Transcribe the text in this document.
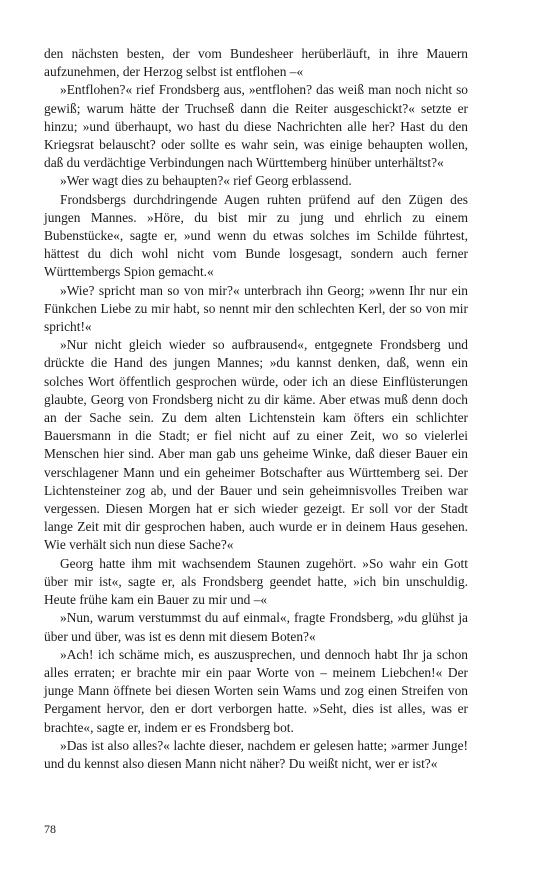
den nächsten besten, der vom Bundesheer herüberläuft, in ihre Mauern aufzunehmen, der Herzog selbst ist entflohen –«

»Entflohen?« rief Frondsberg aus, »entflohen? das weiß man noch nicht so gewiß; warum hätte der Truchseß dann die Reiter ausgeschickt?« setzte er hinzu; »und überhaupt, wo hast du diese Nachrichten alle her? Hast du den Kriegsrat belauscht? oder sollte es wahr sein, was einige behaupten wollen, daß du verdächtige Verbindungen nach Württemberg hinüber unterhältst?«

»Wer wagt dies zu behaupten?« rief Georg erblassend.

Frondsbergs durchdringende Augen ruhten prüfend auf den Zügen des jungen Mannes. »Höre, du bist mir zu jung und ehrlich zu einem Bubenstücke«, sagte er, »und wenn du etwas solches im Schilde führtest, hättest du dich wohl nicht vom Bunde losgesagt, sondern auch ferner Württembergs Spion gemacht.«

»Wie? spricht man so von mir?« unterbrach ihn Georg; »wenn Ihr nur ein Fünkchen Liebe zu mir habt, so nennt mir den schlechten Kerl, der so von mir spricht!«

»Nur nicht gleich wieder so aufbrausend«, entgegnete Frondsberg und drückte die Hand des jungen Mannes; »du kannst denken, daß, wenn ein solches Wort öffentlich gesprochen würde, oder ich an diese Einflüsterungen glaubte, Georg von Frondsberg nicht zu dir käme. Aber etwas muß denn doch an der Sache sein. Zu dem alten Lichtenstein kam öfters ein schlichter Bauersmann in die Stadt; er fiel nicht auf zu einer Zeit, wo so vielerlei Menschen hier sind. Aber man gab uns geheime Winke, daß dieser Bauer ein verschlagener Mann und ein geheimer Botschafter aus Württemberg sei. Der Lichtensteiner zog ab, und der Bauer und sein geheimnisvolles Treiben war vergessen. Diesen Morgen hat er sich wieder gezeigt. Er soll vor der Stadt lange Zeit mit dir gesprochen haben, auch wurde er in deinem Haus gesehen. Wie verhält sich nun diese Sache?«

Georg hatte ihm mit wachsendem Staunen zugehört. »So wahr ein Gott über mir ist«, sagte er, als Frondsberg geendet hatte, »ich bin unschuldig. Heute frühe kam ein Bauer zu mir und –«

»Nun, warum verstummst du auf einmal«, fragte Frondsberg, »du glühst ja über und über, was ist es denn mit diesem Boten?«

»Ach! ich schäme mich, es auszusprechen, und dennoch habt Ihr ja schon alles erraten; er brachte mir ein paar Worte von – meinem Liebchen!« Der junge Mann öffnete bei diesen Worten sein Wams und zog einen Streifen von Pergament hervor, den er dort verborgen hatte. »Seht, dies ist alles, was er brachte«, sagte er, indem er es Frondsberg bot.

»Das ist also alles?« lachte dieser, nachdem er gelesen hatte; »armer Junge! und du kennst also diesen Mann nicht näher? Du weißt nicht, wer er ist?«

78
